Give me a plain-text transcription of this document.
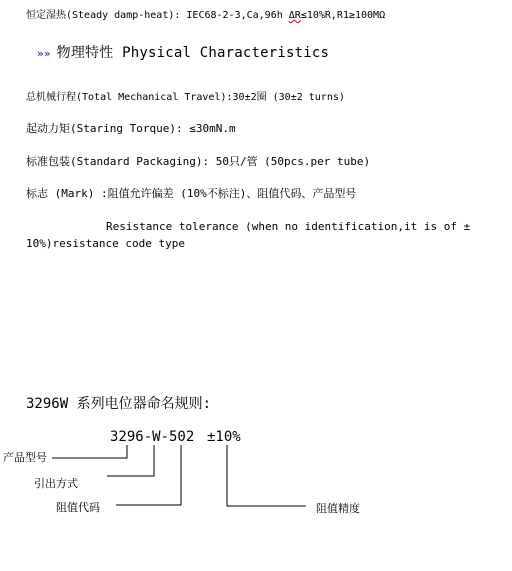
恒定湿热(Steady damp-heat): IEC68-2-3,Ca,96h ΔR≤10%R,R1≥100MΩ
»» 物理特性 Physical Characteristics
总机械行程(Total Mechanical Travel):30±2圈 (30±2 turns)
起动力矩(Staring Torque): ≤30mN.m
标准包装(Standard Packaging): 50只/管 (50pcs.per tube)
标志 (Mark) :阻值允许偏差 (10%不标注)、阻值代码、产品型号
Resistance tolerance (when no identification,it is of ±
10%)resistance code type
3296W 系列电位器命名规则:
3296-W-502 ±10%
产品型号
引出方式
阻值代码	阻值精度
